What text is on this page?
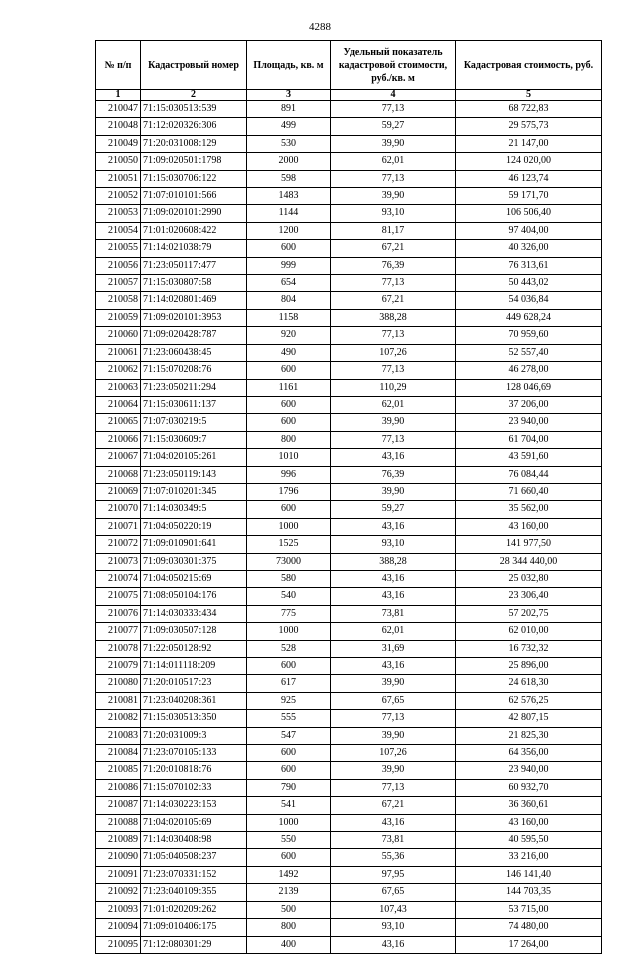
4288
№ п/п	Кадастровый номер	Площадь, кв. м	Удельный показатель кадастровой стоимости, руб./кв. м	Кадастровая стоимость, руб.
1	2	3	4	5
210047	71:15:030513:539	891	77,13	68 722,83
210048	71:12:020326:306	499	59,27	29 575,73
210049	71:20:031008:129	530	39,90	21 147,00
210050	71:09:020501:1798	2000	62,01	124 020,00
210051	71:15:030706:122	598	77,13	46 123,74
210052	71:07:010101:566	1483	39,90	59 171,70
210053	71:09:020101:2990	1144	93,10	106 506,40
210054	71:01:020608:422	1200	81,17	97 404,00
210055	71:14:021038:79	600	67,21	40 326,00
210056	71:23:050117:477	999	76,39	76 313,61
210057	71:15:030807:58	654	77,13	50 443,02
210058	71:14:020801:469	804	67,21	54 036,84
210059	71:09:020101:3953	1158	388,28	449 628,24
210060	71:09:020428:787	920	77,13	70 959,60
210061	71:23:060438:45	490	107,26	52 557,40
210062	71:15:070208:76	600	77,13	46 278,00
210063	71:23:050211:294	1161	110,29	128 046,69
210064	71:15:030611:137	600	62,01	37 206,00
210065	71:07:030219:5	600	39,90	23 940,00
210066	71:15:030609:7	800	77,13	61 704,00
210067	71:04:020105:261	1010	43,16	43 591,60
210068	71:23:050119:143	996	76,39	76 084,44
210069	71:07:010201:345	1796	39,90	71 660,40
210070	71:14:030349:5	600	59,27	35 562,00
210071	71:04:050220:19	1000	43,16	43 160,00
210072	71:09:010901:641	1525	93,10	141 977,50
210073	71:09:030301:375	73000	388,28	28 344 440,00
210074	71:04:050215:69	580	43,16	25 032,80
210075	71:08:050104:176	540	43,16	23 306,40
210076	71:14:030333:434	775	73,81	57 202,75
210077	71:09:030507:128	1000	62,01	62 010,00
210078	71:22:050128:92	528	31,69	16 732,32
210079	71:14:011118:209	600	43,16	25 896,00
210080	71:20:010517:23	617	39,90	24 618,30
210081	71:23:040208:361	925	67,65	62 576,25
210082	71:15:030513:350	555	77,13	42 807,15
210083	71:20:031009:3	547	39,90	21 825,30
210084	71:23:070105:133	600	107,26	64 356,00
210085	71:20:010818:76	600	39,90	23 940,00
210086	71:15:070102:33	790	77,13	60 932,70
210087	71:14:030223:153	541	67,21	36 360,61
210088	71:04:020105:69	1000	43,16	43 160,00
210089	71:14:030408:98	550	73,81	40 595,50
210090	71:05:040508:237	600	55,36	33 216,00
210091	71:23:070331:152	1492	97,95	146 141,40
210092	71:23:040109:355	2139	67,65	144 703,35
210093	71:01:020209:262	500	107,43	53 715,00
210094	71:09:010406:175	800	93,10	74 480,00
210095	71:12:080301:29	400	43,16	17 264,00
